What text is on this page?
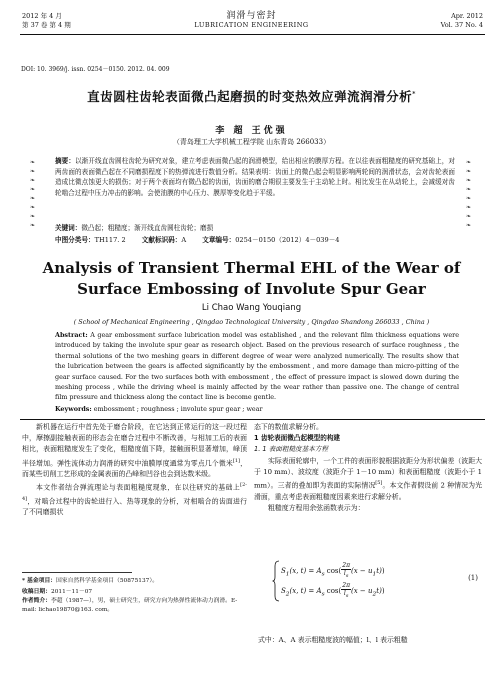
2012 年 4 月
第 37 卷 第 4 期
润滑与密封
LUBRICATION ENGINEERING
Apr. 2012
Vol. 37 No. 4
DOI: 10. 3969/j. issn. 0254－0150. 2012. 04. 009
直齿圆柱齿轮表面微凸起磨损的时变热效应弹流润滑分析*
李 超 王优强
（青岛理工大学机械工程学院 山东青岛 266033）
❧
❧
❧
❧
❧
❧
❧
❧
❧
❧
❧
❧
❧
❧
❧
❧
摘要：以渐开线直齿圆柱齿轮为研究对象，建立考虑表面微凸起的润滑模型，给出相应的膜厚方程。在以往表面粗糙度的研究基础上，对两齿面的表面微凸起在不同磨损程度下的热弹流进行数值分析。结果表明：齿面上的微凸起会明显影响两轮间的润滑状态，会对齿轮表面造成比微点蚀更大的损伤；对于两个表面均有微凸起的齿面，齿面的磨合期很主要发生于主动轮上时。相比发生在从动轮上，会减缓对齿轮啮合过程中压力冲击的影响。会使油膜的中心压力、膜厚等变化趋于平缓。
关键词：微凸起；粗糙度；渐开线直齿圆柱齿轮；磨损
中图分类号：TH117. 2 文献标识码：A 文章编号：0254－0150（2012）4－039－4
Analysis of Transient Thermal EHL of the Wear of Surface Embossing of Involute Spur Gear
Li Chao Wang Youqiang
( School of Mechanical Engineering , Qingdao Technological University , Qingdao Shandong 266033 , China )
Abstract: A gear embossment surface lubrication model was established , and the relevant film thickness equations were introduced by taking the involute spur gear as research object. Based on the previous research of surface roughness , the thermal solutions of the two meshing gears in different degree of wear were analyzed numerically. The results show that the lubrication between the gears is affected significantly by the embossment , and more damage than micro-pitting of the gear surface caused. For the two surfaces both with embossment , the effect of pressure impact is slowed down during the meshing process , while the driving wheel is mainly affected by the wear rather than passive one. The change of central film pressure and thickness along the contact line is become gentle.
Keywords: embossment ; roughness ; involute spur gear ; wear

新机器在运行中首先处于磨合阶段，在它达到正常运行的这一段过程中，摩擦副接触表面的形态会在磨合过程中不断改善，与相加工后的表面相比，表面粗糙度发生了变化，粗糙度值下降，接触面积显著增加，峰顶半径增加。弹性流体动力润滑的研究中油膜厚度通常为零点几个微米[1]，而某些切削工艺形成的金属表面的凸峰和凹谷也会到达数米级。

本文作者结合弹流理论与表面粗糙度现象，在以往研究的基础上[2-4]，对啮合过程中的齿轮进行入、热等现象的分析，对相啮合的齿面进行了不同磨损状

* 基金项目：国家自然科学基金项目（50875137）。
收稿日期：2011－11－07
作者简介：李超（1987—），男，硕士研究生，研究方向为热弹性流体动力润滑。E-mail: lichao19870@163. com。
态下的数值求解分析。
1 齿轮表面微凸起模型的构建
1. 1 表面粗糙度基本方程

实际表面轮廓中，一个工件的表面形貌根据波距分为形状偏差（波距大于 10 mm）、波纹度（波距介于 1－10 mm）和表面粗糙度（波距小于 1 mm）。三者的叠加即为表面的实际情况[5]。本文作者假设前 2 种情况为光滑面，重点考虑表面粗糙度因素来进行求解分析。

粗糙度方程用余弦函数表示为：

$S_1(x$, $t) = A_s$ $\cos( \frac{2\pi}{l_s} (x - u_1t))$
$S_2(x$, $t) = A_s$ $\cos( \frac{2\pi}{l_s} (x - u_2t))$
(1)
式中：A、A 表示粗糙度波的幅值；l、l 表示粗糙
